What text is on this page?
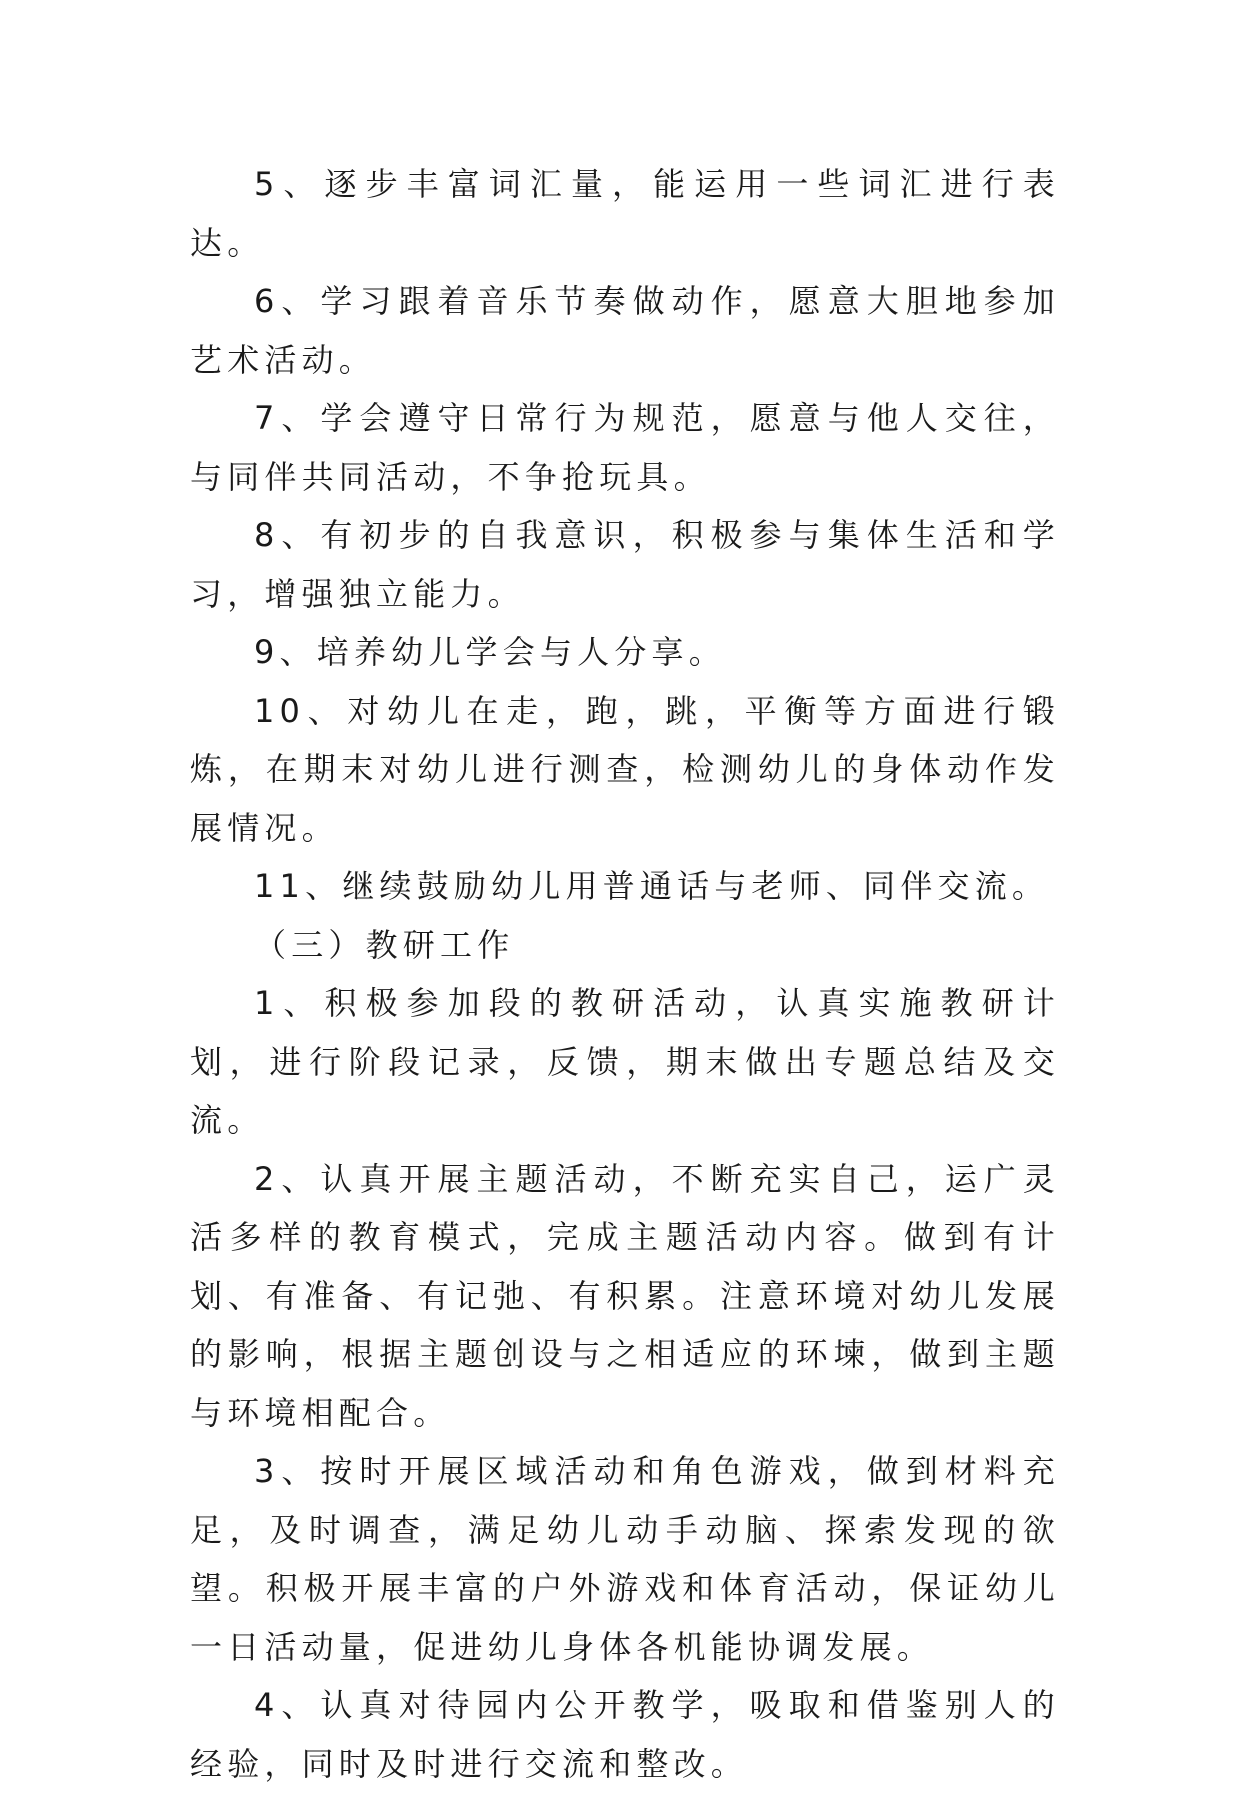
5、逐步丰富词汇量，能运用一些词汇进行表达。

6、学习跟着音乐节奏做动作，愿意大胆地参加艺术活动。

7、学会遵守日常行为规范，愿意与他人交往，与同伴共同活动，不争抢玩具。

8、有初步的自我意识，积极参与集体生活和学习，增强独立能力。

9、培养幼儿学会与人分享。

10、对幼儿在走，跑，跳，平衡等方面进行锻炼，在期末对幼儿进行测查，检测幼儿的身体动作发展情况。

11、继续鼓励幼儿用普通话与老师、同伴交流。

（三）教研工作

1、积极参加段的教研活动，认真实施教研计划，进行阶段记录，反馈，期末做出专题总结及交流。

2、认真开展主题活动，不断充实自己，运广灵活多样的教育模式，完成主题活动内容。做到有计划、有准备、有记弛、有积累。注意环境对幼儿发展的影响，根据主题创设与之相适应的环堜，做到主题与环境相配合。

3、按时开展区域活动和角色游戏，做到材料充足，及时调查，满足幼儿动手动脑、探索发现的欲望。积极开展丰富的户外游戏和体育活动，保证幼儿一日活动量，促进幼儿身体各机能协调发展。

4、认真对待园内公开教学，吸取和借鉴别人的经验，同时及时进行交流和整改。
